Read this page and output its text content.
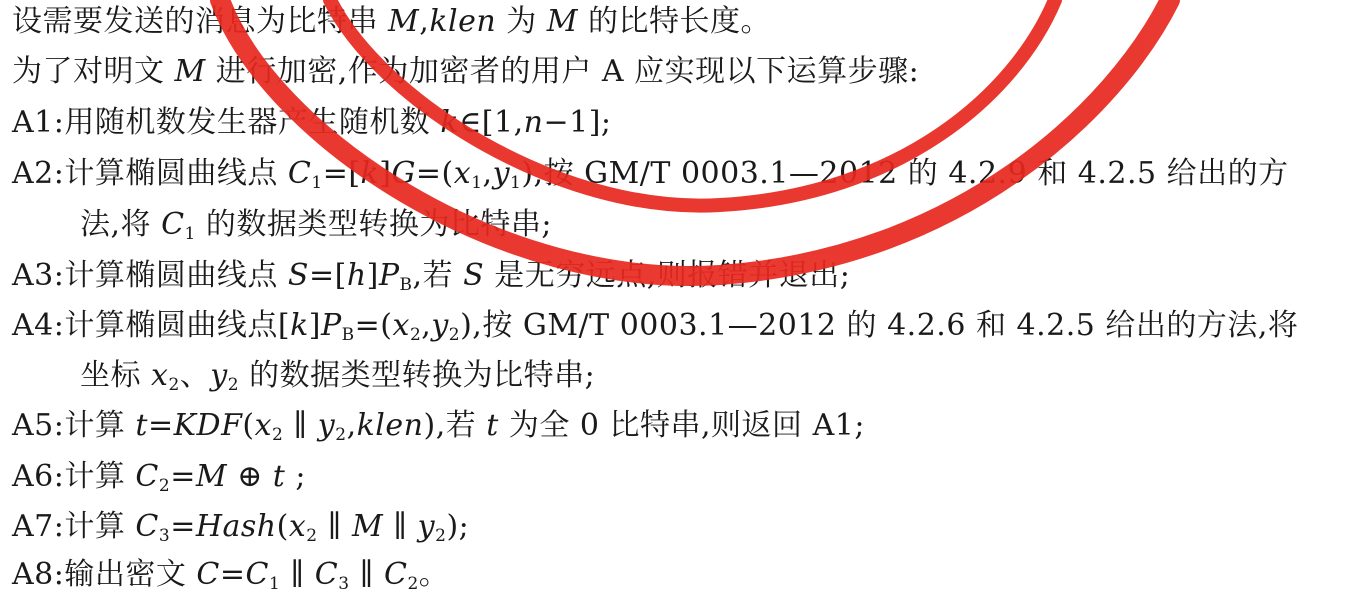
设需要发送的消息为比特串 M,klen 为 M 的比特长度。
为了对明文 M 进行加密,作为加密者的用户 A 应实现以下运算步骤:
A1:用随机数发生器产生随机数 k∈[1,n−1];
A2:计算椭圆曲线点 $C_1=[k]G=(x_1,y_1)$,按 GM/T 0003.1—2012 的 4.2.9 和 4.2.5 给出的方
法,将 $C_1$ 的数据类型转换为比特串;
A3:计算椭圆曲线点 $S=[h]P_B$,若 S 是无穷远点,则报错并退出;
A4:计算椭圆曲线点$[k]P_B=(x_2,y_2)$,按 GM/T 0003.1—2012 的 4.2.6 和 4.2.5 给出的方法,将
坐标 $x_2$、$y_2$ 的数据类型转换为比特串;
A5:计算 $t=KDF(x_2$ ∥ $y_2,klen$),若 t 为全 0 比特串,则返回 A1;
A6:计算 $C_2=M$ ⊕ t ;
A7:计算 $C_3=Hash(x_2$ ∥ M ∥ $y_2$);
A8:输出密文 $C=C_1$ ∥ $C_3$ ∥ $C_2$。
